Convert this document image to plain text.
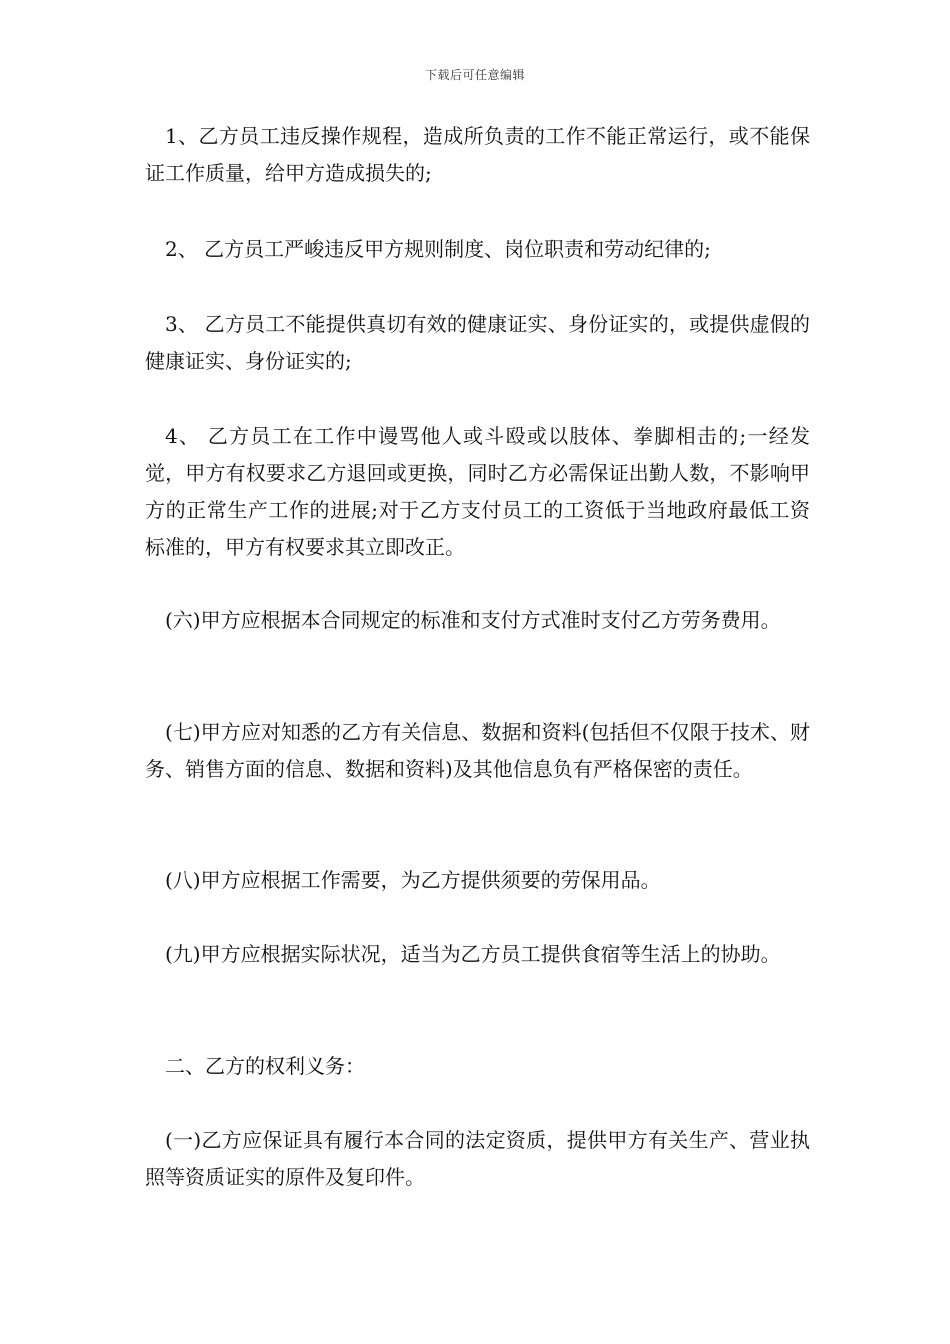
下载后可任意编辑
1、乙方员工违反操作规程，造成所负责的工作不能正常运行，或不能保证工作质量，给甲方造成损失的;
2、 乙方员工严峻违反甲方规则制度、岗位职责和劳动纪律的;
3、 乙方员工不能提供真切有效的健康证实、身份证实的，或提供虚假的健康证实、身份证实的;
4、 乙方员工在工作中谩骂他人或斗殴或以肢体、拳脚相击的;一经发觉，甲方有权要求乙方退回或更换，同时乙方必需保证出勤人数，不影响甲方的正常生产工作的进展;对于乙方支付员工的工资低于当地政府最低工资标准的，甲方有权要求其立即改正。
(六)甲方应根据本合同规定的标准和支付方式准时支付乙方劳务费用。
(七)甲方应对知悉的乙方有关信息、数据和资料(包括但不仅限于技术、财务、销售方面的信息、数据和资料)及其他信息负有严格保密的责任。
(八)甲方应根据工作需要，为乙方提供须要的劳保用品。
(九)甲方应根据实际状况，适当为乙方员工提供食宿等生活上的协助。
二、乙方的权利义务：
(一)乙方应保证具有履行本合同的法定资质，提供甲方有关生产、营业执照等资质证实的原件及复印件。
